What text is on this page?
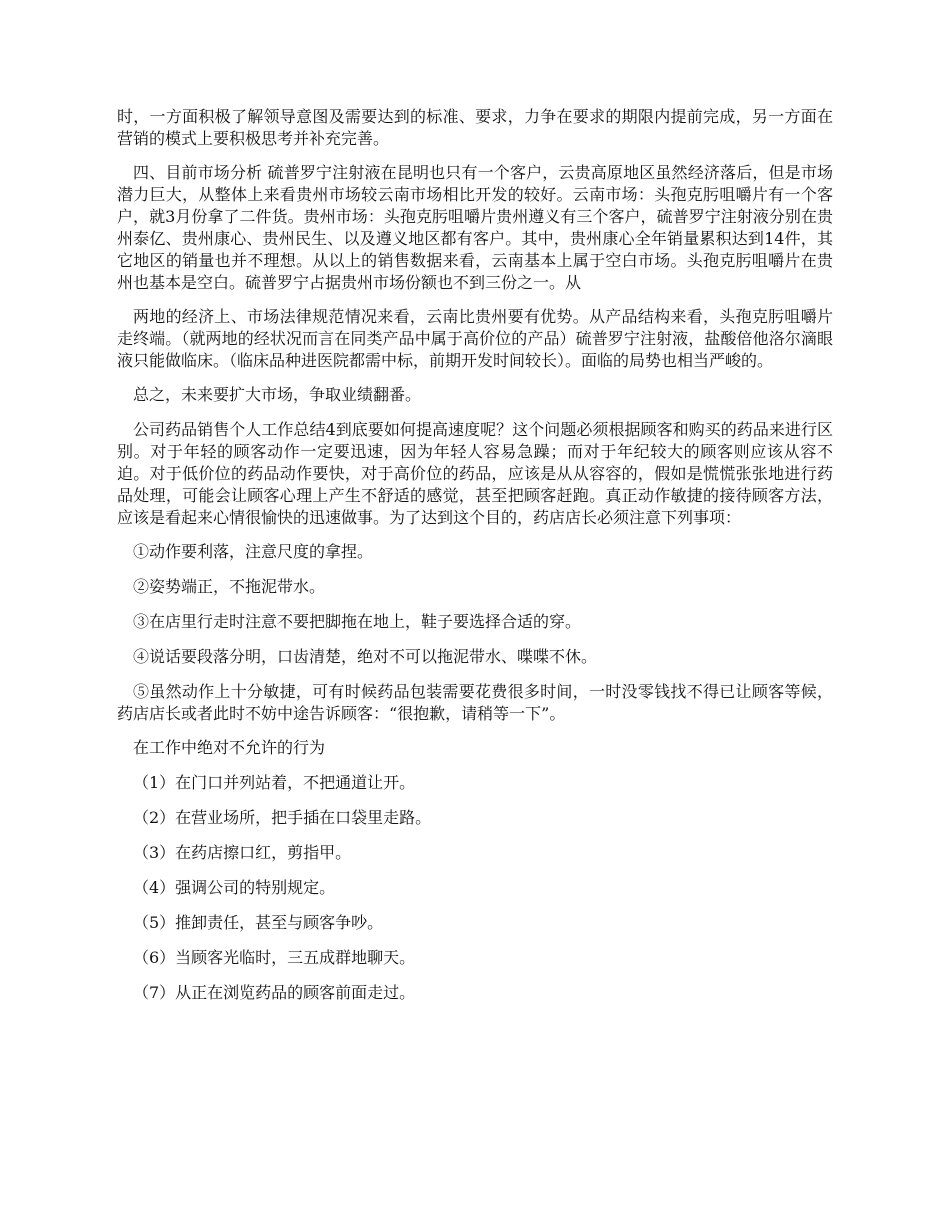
时，一方面积极了解领导意图及需要达到的标准、要求，力争在要求的期限内提前完成，另一方面在营销的模式上要积极思考并补充完善。

四、目前市场分析 硫普罗宁注射液在昆明也只有一个客户，云贵高原地区虽然经济落后，但是市场潜力巨大，从整体上来看贵州市场较云南市场相比开发的较好。云南市场：头孢克肟咀嚼片有一个客户，就3月份拿了二件货。贵州市场：头孢克肟咀嚼片贵州遵义有三个客户，硫普罗宁注射液分别在贵州泰亿、贵州康心、贵州民生、以及遵义地区都有客户。其中，贵州康心全年销量累积达到14件，其它地区的销量也并不理想。从以上的销售数据来看，云南基本上属于空白市场。头孢克肟咀嚼片在贵州也基本是空白。硫普罗宁占据贵州市场份额也不到三份之一。从

两地的经济上、市场法律规范情况来看，云南比贵州要有优势。从产品结构来看，头孢克肟咀嚼片走终端。（就两地的经状况而言在同类产品中属于高价位的产品）硫普罗宁注射液，盐酸倍他洛尔滴眼液只能做临床。（临床品种进医院都需中标，前期开发时间较长）。面临的局势也相当严峻的。

总之，未来要扩大市场，争取业绩翻番。

公司药品销售个人工作总结4到底要如何提高速度呢？这个问题必须根据顾客和购买的药品来进行区别。对于年轻的顾客动作一定要迅速，因为年轻人容易急躁；而对于年纪较大的顾客则应该从容不迫。对于低价位的药品动作要快，对于高价位的药品，应该是从从容容的，假如是慌慌张张地进行药品处理，可能会让顾客心理上产生不舒适的感觉，甚至把顾客赶跑。真正动作敏捷的接待顾客方法，应该是看起来心情很愉快的迅速做事。为了达到这个目的，药店店长必须注意下列事项：

①动作要利落，注意尺度的拿捏。

②姿势端正，不拖泥带水。

③在店里行走时注意不要把脚拖在地上，鞋子要选择合适的穿。

④说话要段落分明，口齿清楚，绝对不可以拖泥带水、喋喋不休。

⑤虽然动作上十分敏捷，可有时候药品包装需要花费很多时间，一时没零钱找不得已让顾客等候，药店店长或者此时不妨中途告诉顾客：“很抱歉，请稍等一下”。

在工作中绝对不允许的行为

（1）在门口并列站着，不把通道让开。

（2）在营业场所，把手插在口袋里走路。

（3）在药店擦口红，剪指甲。

（4）强调公司的特别规定。

（5）推卸责任，甚至与顾客争吵。

（6）当顾客光临时，三五成群地聊天。

（7）从正在浏览药品的顾客前面走过。
